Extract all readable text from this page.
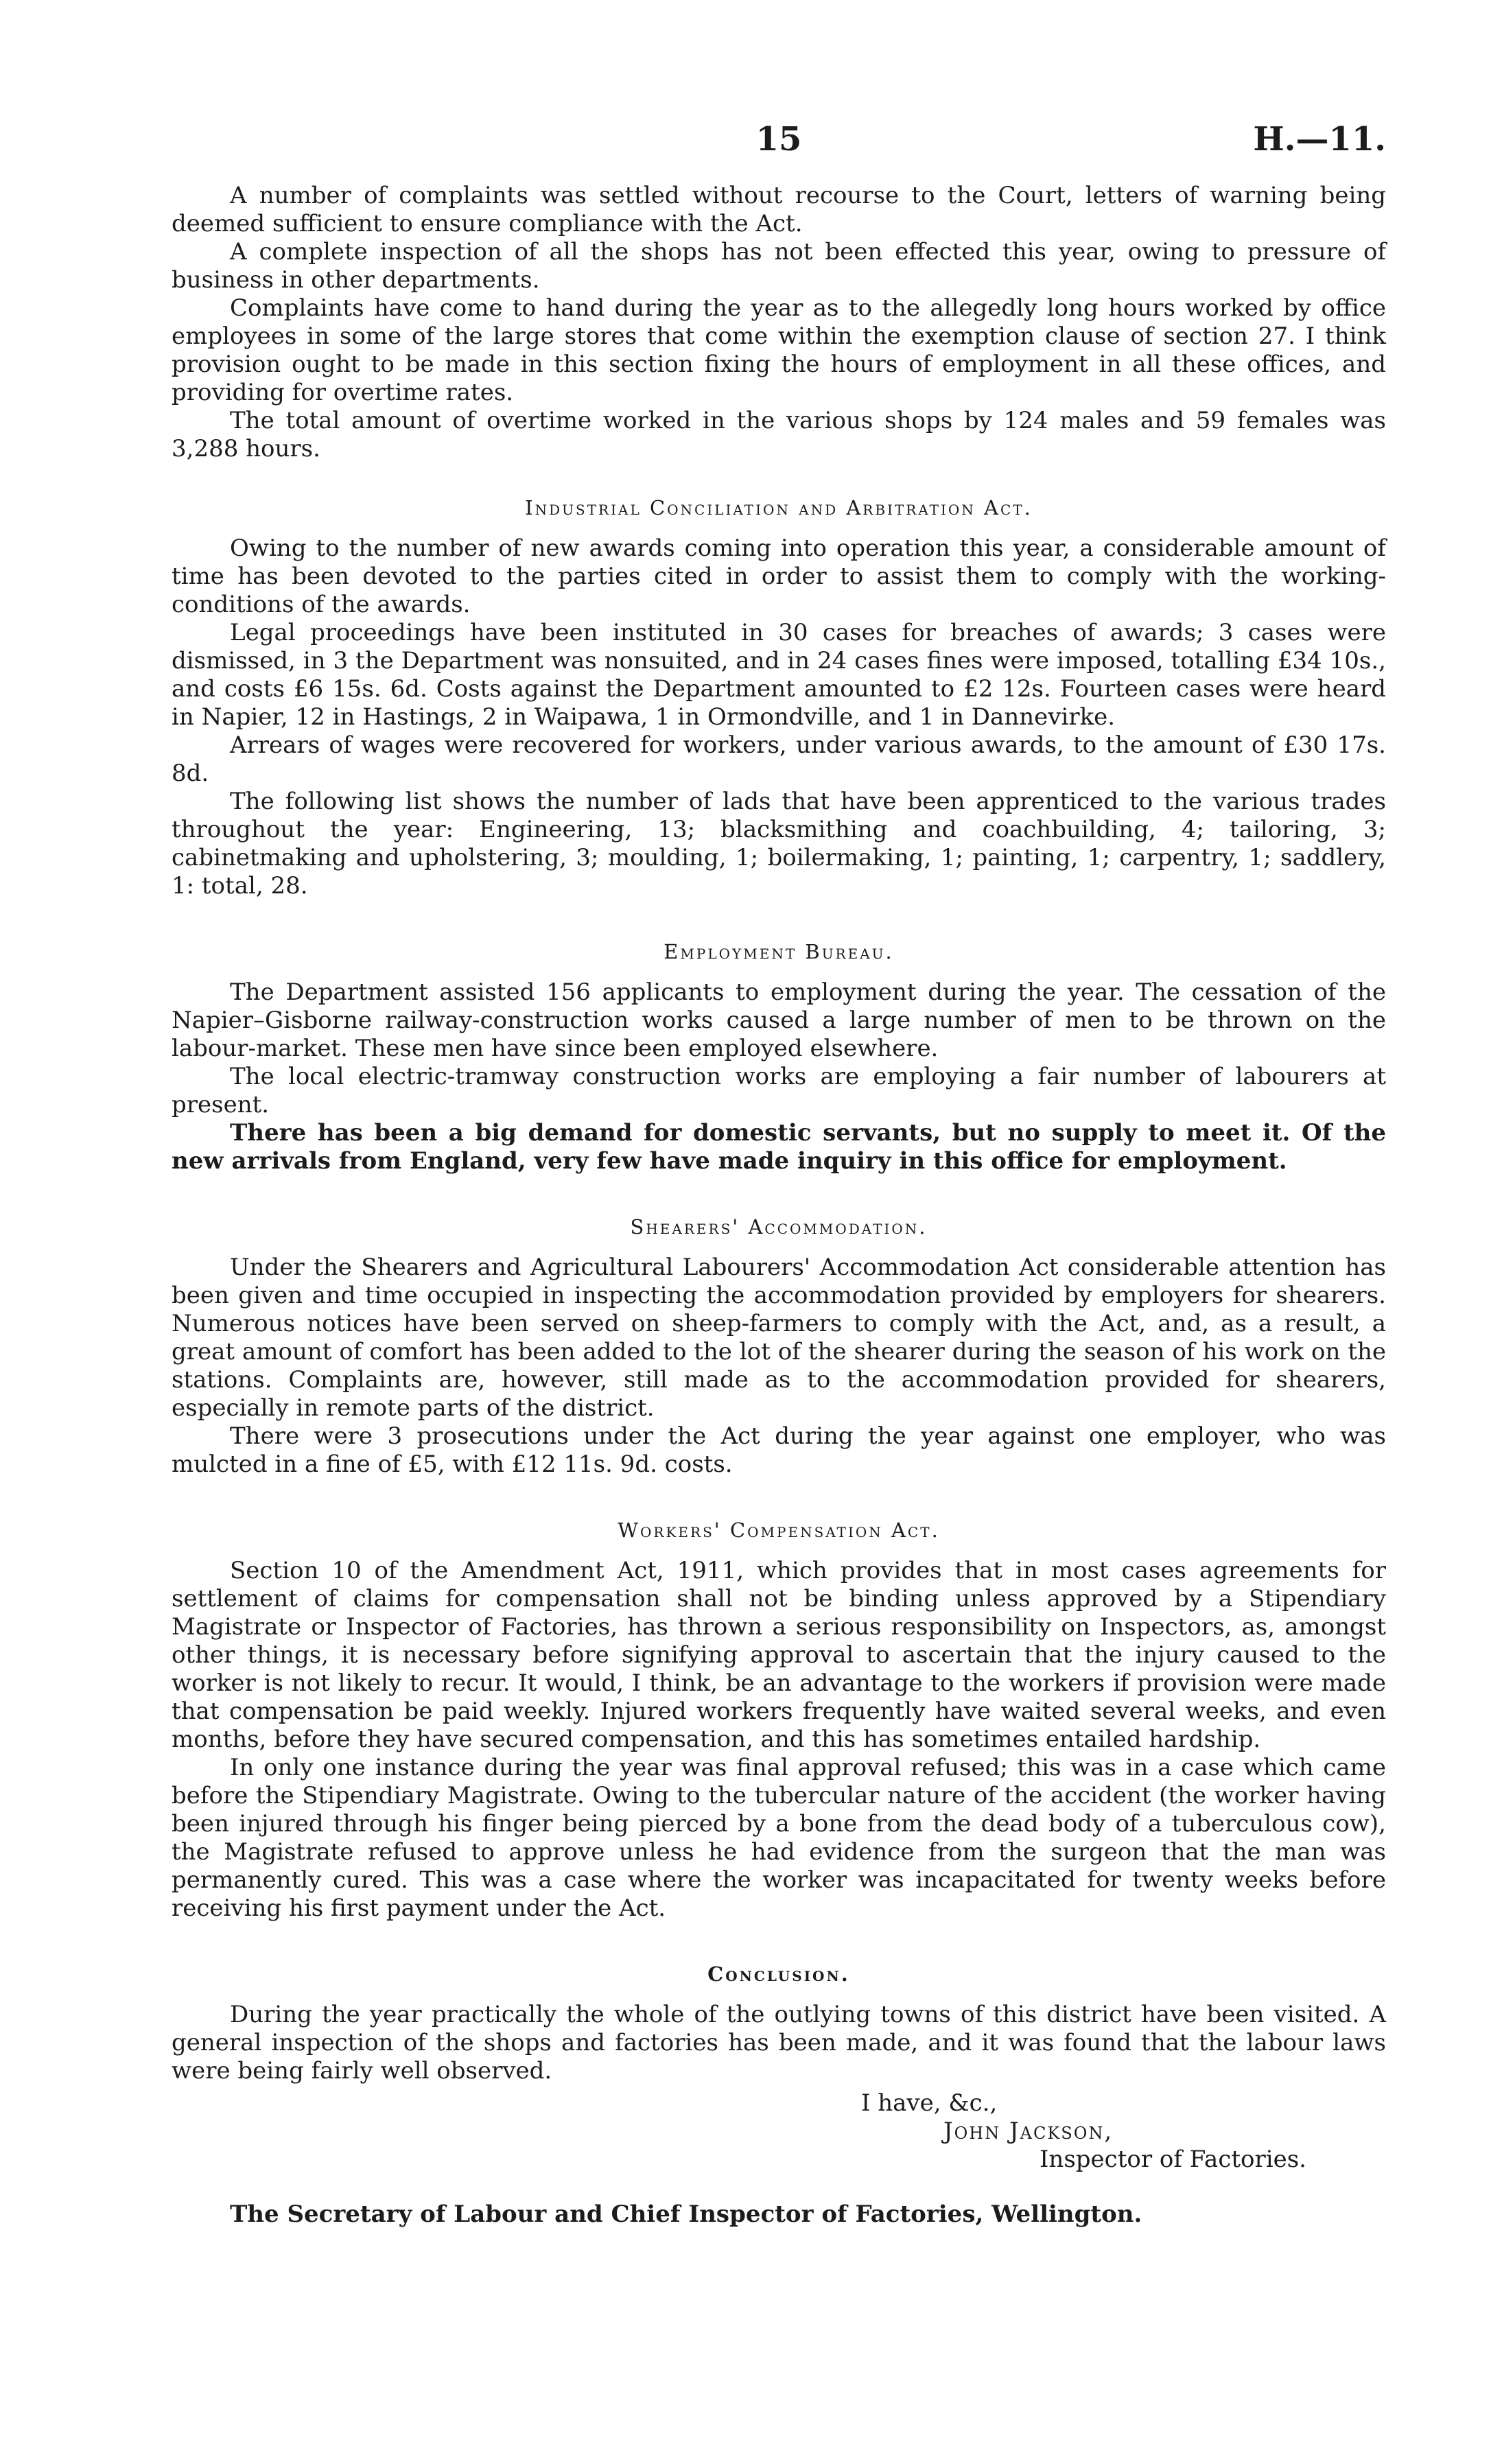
15	H.—11.

A number of complaints was settled without recourse to the Court, letters of warning being deemed sufficient to ensure compliance with the Act.

A complete inspection of all the shops has not been effected this year, owing to pressure of business in other departments.

Complaints have come to hand during the year as to the allegedly long hours worked by office employees in some of the large stores that come within the exemption clause of section 27. I think provision ought to be made in this section fixing the hours of employment in all these offices, and providing for overtime rates.

The total amount of overtime worked in the various shops by 124 males and 59 females was 3,288 hours.

Industrial Conciliation and Arbitration Act.

Owing to the number of new awards coming into operation this year, a considerable amount of time has been devoted to the parties cited in order to assist them to comply with the working-conditions of the awards.

Legal proceedings have been instituted in 30 cases for breaches of awards; 3 cases were dismissed, in 3 the Department was nonsuited, and in 24 cases fines were imposed, totalling £34 10s., and costs £6 15s. 6d. Costs against the Department amounted to £2 12s. Fourteen cases were heard in Napier, 12 in Hastings, 2 in Waipawa, 1 in Ormondville, and 1 in Dannevirke.

Arrears of wages were recovered for workers, under various awards, to the amount of £30 17s. 8d.

The following list shows the number of lads that have been apprenticed to the various trades throughout the year: Engineering, 13; blacksmithing and coachbuilding, 4; tailoring, 3; cabinetmaking and upholstering, 3; moulding, 1; boilermaking, 1; painting, 1; carpentry, 1; saddlery, 1: total, 28.

Employment Bureau.

The Department assisted 156 applicants to employment during the year. The cessation of the Napier–Gisborne railway-construction works caused a large number of men to be thrown on the labour-market. These men have since been employed elsewhere.

The local electric-tramway construction works are employing a fair number of labourers at present.

There has been a big demand for domestic servants, but no supply to meet it. Of the new arrivals from England, very few have made inquiry in this office for employment.

Shearers' Accommodation.

Under the Shearers and Agricultural Labourers' Accommodation Act considerable attention has been given and time occupied in inspecting the accommodation provided by employers for shearers. Numerous notices have been served on sheep-farmers to comply with the Act, and, as a result, a great amount of comfort has been added to the lot of the shearer during the season of his work on the stations. Complaints are, however, still made as to the accommodation provided for shearers, especially in remote parts of the district.

There were 3 prosecutions under the Act during the year against one employer, who was mulcted in a fine of £5, with £12 11s. 9d. costs.

Workers' Compensation Act.

Section 10 of the Amendment Act, 1911, which provides that in most cases agreements for settlement of claims for compensation shall not be binding unless approved by a Stipendiary Magistrate or Inspector of Factories, has thrown a serious responsibility on Inspectors, as, amongst other things, it is necessary before signifying approval to ascertain that the injury caused to the worker is not likely to recur. It would, I think, be an advantage to the workers if provision were made that compensation be paid weekly. Injured workers frequently have waited several weeks, and even months, before they have secured compensation, and this has sometimes entailed hardship.

In only one instance during the year was final approval refused; this was in a case which came before the Stipendiary Magistrate. Owing to the tubercular nature of the accident (the worker having been injured through his finger being pierced by a bone from the dead body of a tuberculous cow), the Magistrate refused to approve unless he had evidence from the surgeon that the man was permanently cured. This was a case where the worker was incapacitated for twenty weeks before receiving his first payment under the Act.

Conclusion.

During the year practically the whole of the outlying towns of this district have been visited. A general inspection of the shops and factories has been made, and it was found that the labour laws were being fairly well observed.

I have, &c.,
John Jackson,
Inspector of Factories.
The Secretary of Labour and Chief Inspector of Factories, Wellington.
